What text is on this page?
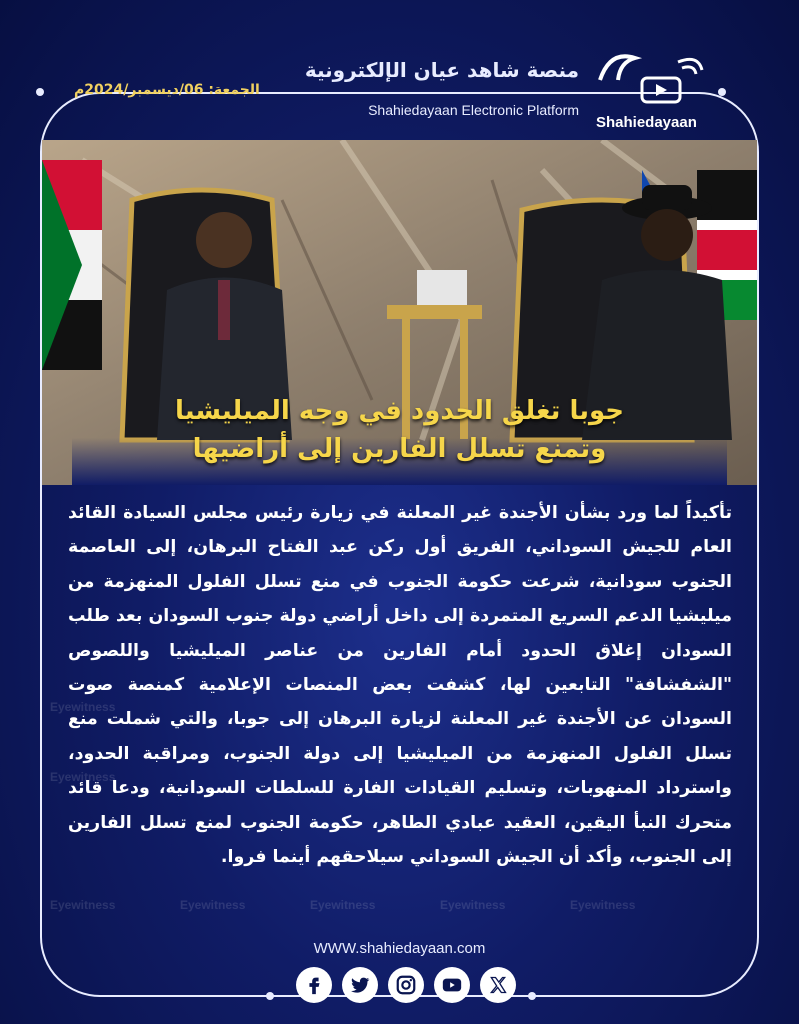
منصة شاهد عيان الإلكترونية
Shahiedayaan Electronic Platform
الجمعة: 06/ديسمبر/2024م
Shahiedayaan
جوبا تغلق الحدود في وجه الميليشيا
وتمنع تسلل الفارين إلى أراضيها
Eyewitness
Eyewitness
Eyewitness	Eyewitness	Eyewitness	Eyewitness	Eyewitness
تأكيداً لما ورد بشأن الأجندة غير المعلنة في زيارة رئيس مجلس السيادة القائد العام للجيش السوداني، الفريق أول ركن عبد الفتاح البرهان، إلى العاصمة الجنوب سودانية، شرعت حكومة الجنوب في منع تسلل الفلول المنهزمة من ميليشيا الدعم السريع المتمردة إلى داخل أراضي دولة جنوب السودان بعد طلب السودان إغلاق الحدود أمام الفارين من عناصر الميليشيا واللصوص "الشفشافة" التابعين لها، كشفت بعض المنصات الإعلامية كمنصة صوت السودان عن الأجندة غير المعلنة لزيارة البرهان إلى جوبا، والتي شملت منع تسلل الفلول المنهزمة من الميليشيا إلى دولة الجنوب، ومراقبة الحدود، واسترداد المنهوبات، وتسليم القيادات الفارة للسلطات السودانية، ودعا قائد متحرك النبأ اليقين، العقيد عبادي الطاهر، حكومة الجنوب لمنع تسلل الفارين إلى الجنوب، وأكد أن الجيش السوداني سيلاحقهم أينما فروا.
WWW.shahiedayaan.com
